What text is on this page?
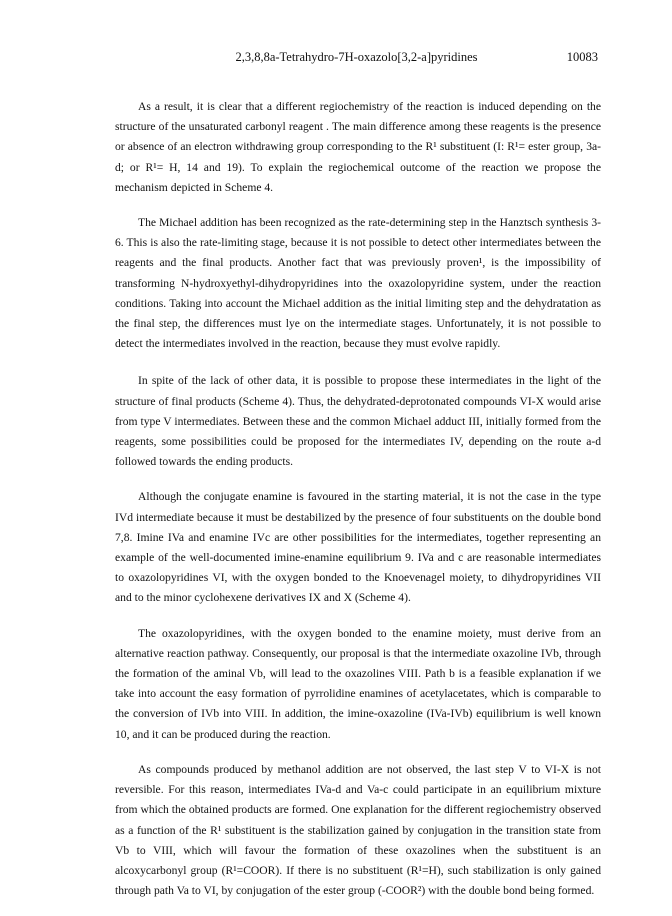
2,3,8,8a-Tetrahydro-7H-oxazolo[3,2-a]pyridines	10083

As a result, it is clear that a different regiochemistry of the reaction is induced depending on the structure of the unsaturated carbonyl reagent . The main difference among these reagents is the presence or absence of an electron withdrawing group corresponding to the R¹ substituent (I: R¹= ester group, 3a-d; or R¹= H, 14 and 19). To explain the regiochemical outcome of the reaction we propose the mechanism depicted in Scheme 4.

The Michael addition has been recognized as the rate-determining step in the Hanztsch synthesis 3-6. This is also the rate-limiting stage, because it is not possible to detect other intermediates between the reagents and the final products. Another fact that was previously proven¹, is the impossibility of transforming N-hydroxyethyl-dihydropyridines into the oxazolopyridine system, under the reaction conditions. Taking into account the Michael addition as the initial limiting step and the dehydratation as the final step, the differences must lye on the intermediate stages. Unfortunately, it is not possible to detect the intermediates involved in the reaction, because they must evolve rapidly.

In spite of the lack of other data, it is possible to propose these intermediates in the light of the structure of final products (Scheme 4). Thus, the dehydrated-deprotonated compounds VI-X would arise from type V intermediates. Between these and the common Michael adduct III, initially formed from the reagents, some possibilities could be proposed for the intermediates IV, depending on the route a-d followed towards the ending products.

Although the conjugate enamine is favoured in the starting material, it is not the case in the type IVd intermediate because it must be destabilized by the presence of four substituents on the double bond 7,8. Imine IVa and enamine IVc are other possibilities for the intermediates, together representing an example of the well-documented imine-enamine equilibrium 9. IVa and c are reasonable intermediates to oxazolopyridines VI, with the oxygen bonded to the Knoevenagel moiety, to dihydropyridines VII and to the minor cyclohexene derivatives IX and X (Scheme 4).

The oxazolopyridines, with the oxygen bonded to the enamine moiety, must derive from an alternative reaction pathway. Consequently, our proposal is that the intermediate oxazoline IVb, through the formation of the aminal Vb, will lead to the oxazolines VIII. Path b is a feasible explanation if we take into account the easy formation of pyrrolidine enamines of acetylacetates, which is comparable to the conversion of IVb into VIII. In addition, the imine-oxazoline (IVa-IVb) equilibrium is well known 10, and it can be produced during the reaction.

As compounds produced by methanol addition are not observed, the last step V to VI-X is not reversible. For this reason, intermediates IVa-d and Va-c could participate in an equilibrium mixture from which the obtained products are formed. One explanation for the different regiochemistry observed as a function of the R¹ substituent is the stabilization gained by conjugation in the transition state from Vb to VIII, which will favour the formation of these oxazolines when the substituent is an alcoxycarbonyl group (R¹=COOR). If there is no substituent (R¹=H), such stabilization is only gained through path Va to VI, by conjugation of the ester group (-COOR²) with the double bond being formed.
